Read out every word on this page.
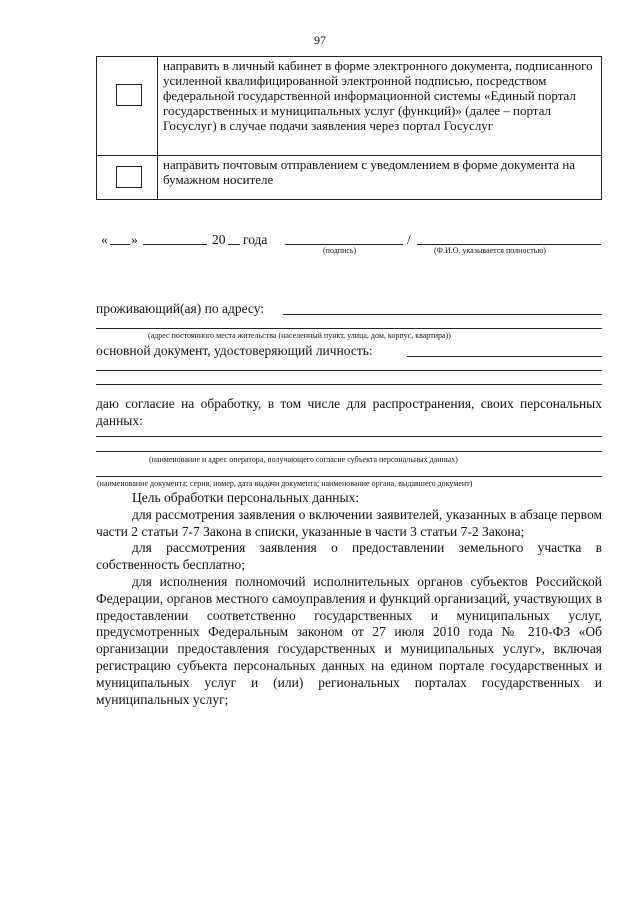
97
	направить в личный кабинет в форме электронного документа, подписанного усиленной квалифицированной электронной подписью, посредством федеральной государственной информационной системы «Единый портал государственных и муниципальных услуг (функций)» (далее – портал Госуслуг) в случае подачи заявления через портал Госуслуг

	направить почтовым отправлением с уведомлением в форме документа на бумажном носителе
« »	20 года	/
(подпись)	(Ф.И.О. указывается полностью)
проживающий(ая) по адресу:
(адрес постоянного места жительства (населенный пункт, улица, дом, корпус, квартира))
основной документ, удостоверяющий личность:
даю согласие на обработку, в том числе для распространения, своих персональных данных:
(наименование и адрес оператора, получающего согласие субъекта персональных данных)
(наименование документа; серия, номер, дата выдачи документа; наименование органа, выдавшего документ)
Цель обработки персональных данных:
для рассмотрения заявления о включении заявителей, указанных в абзаце первом части 2 статьи 7-7 Закона в списки, указанные в части 3 статьи 7-2 Закона;
для рассмотрения заявления о предоставлении земельного участка в собственность бесплатно;
для исполнения полномочий исполнительных органов субъектов Российской Федерации, органов местного самоуправления и функций организаций, участвующих в предоставлении соответственно государственных и муниципальных услуг, предусмотренных Федеральным законом от 27 июля 2010 года № 210-ФЗ «Об организации предоставления государственных и муниципальных услуг», включая регистрацию субъекта персональных данных на едином портале государственных и муниципальных услуг и (или) региональных порталах государственных и муниципальных услуг;
